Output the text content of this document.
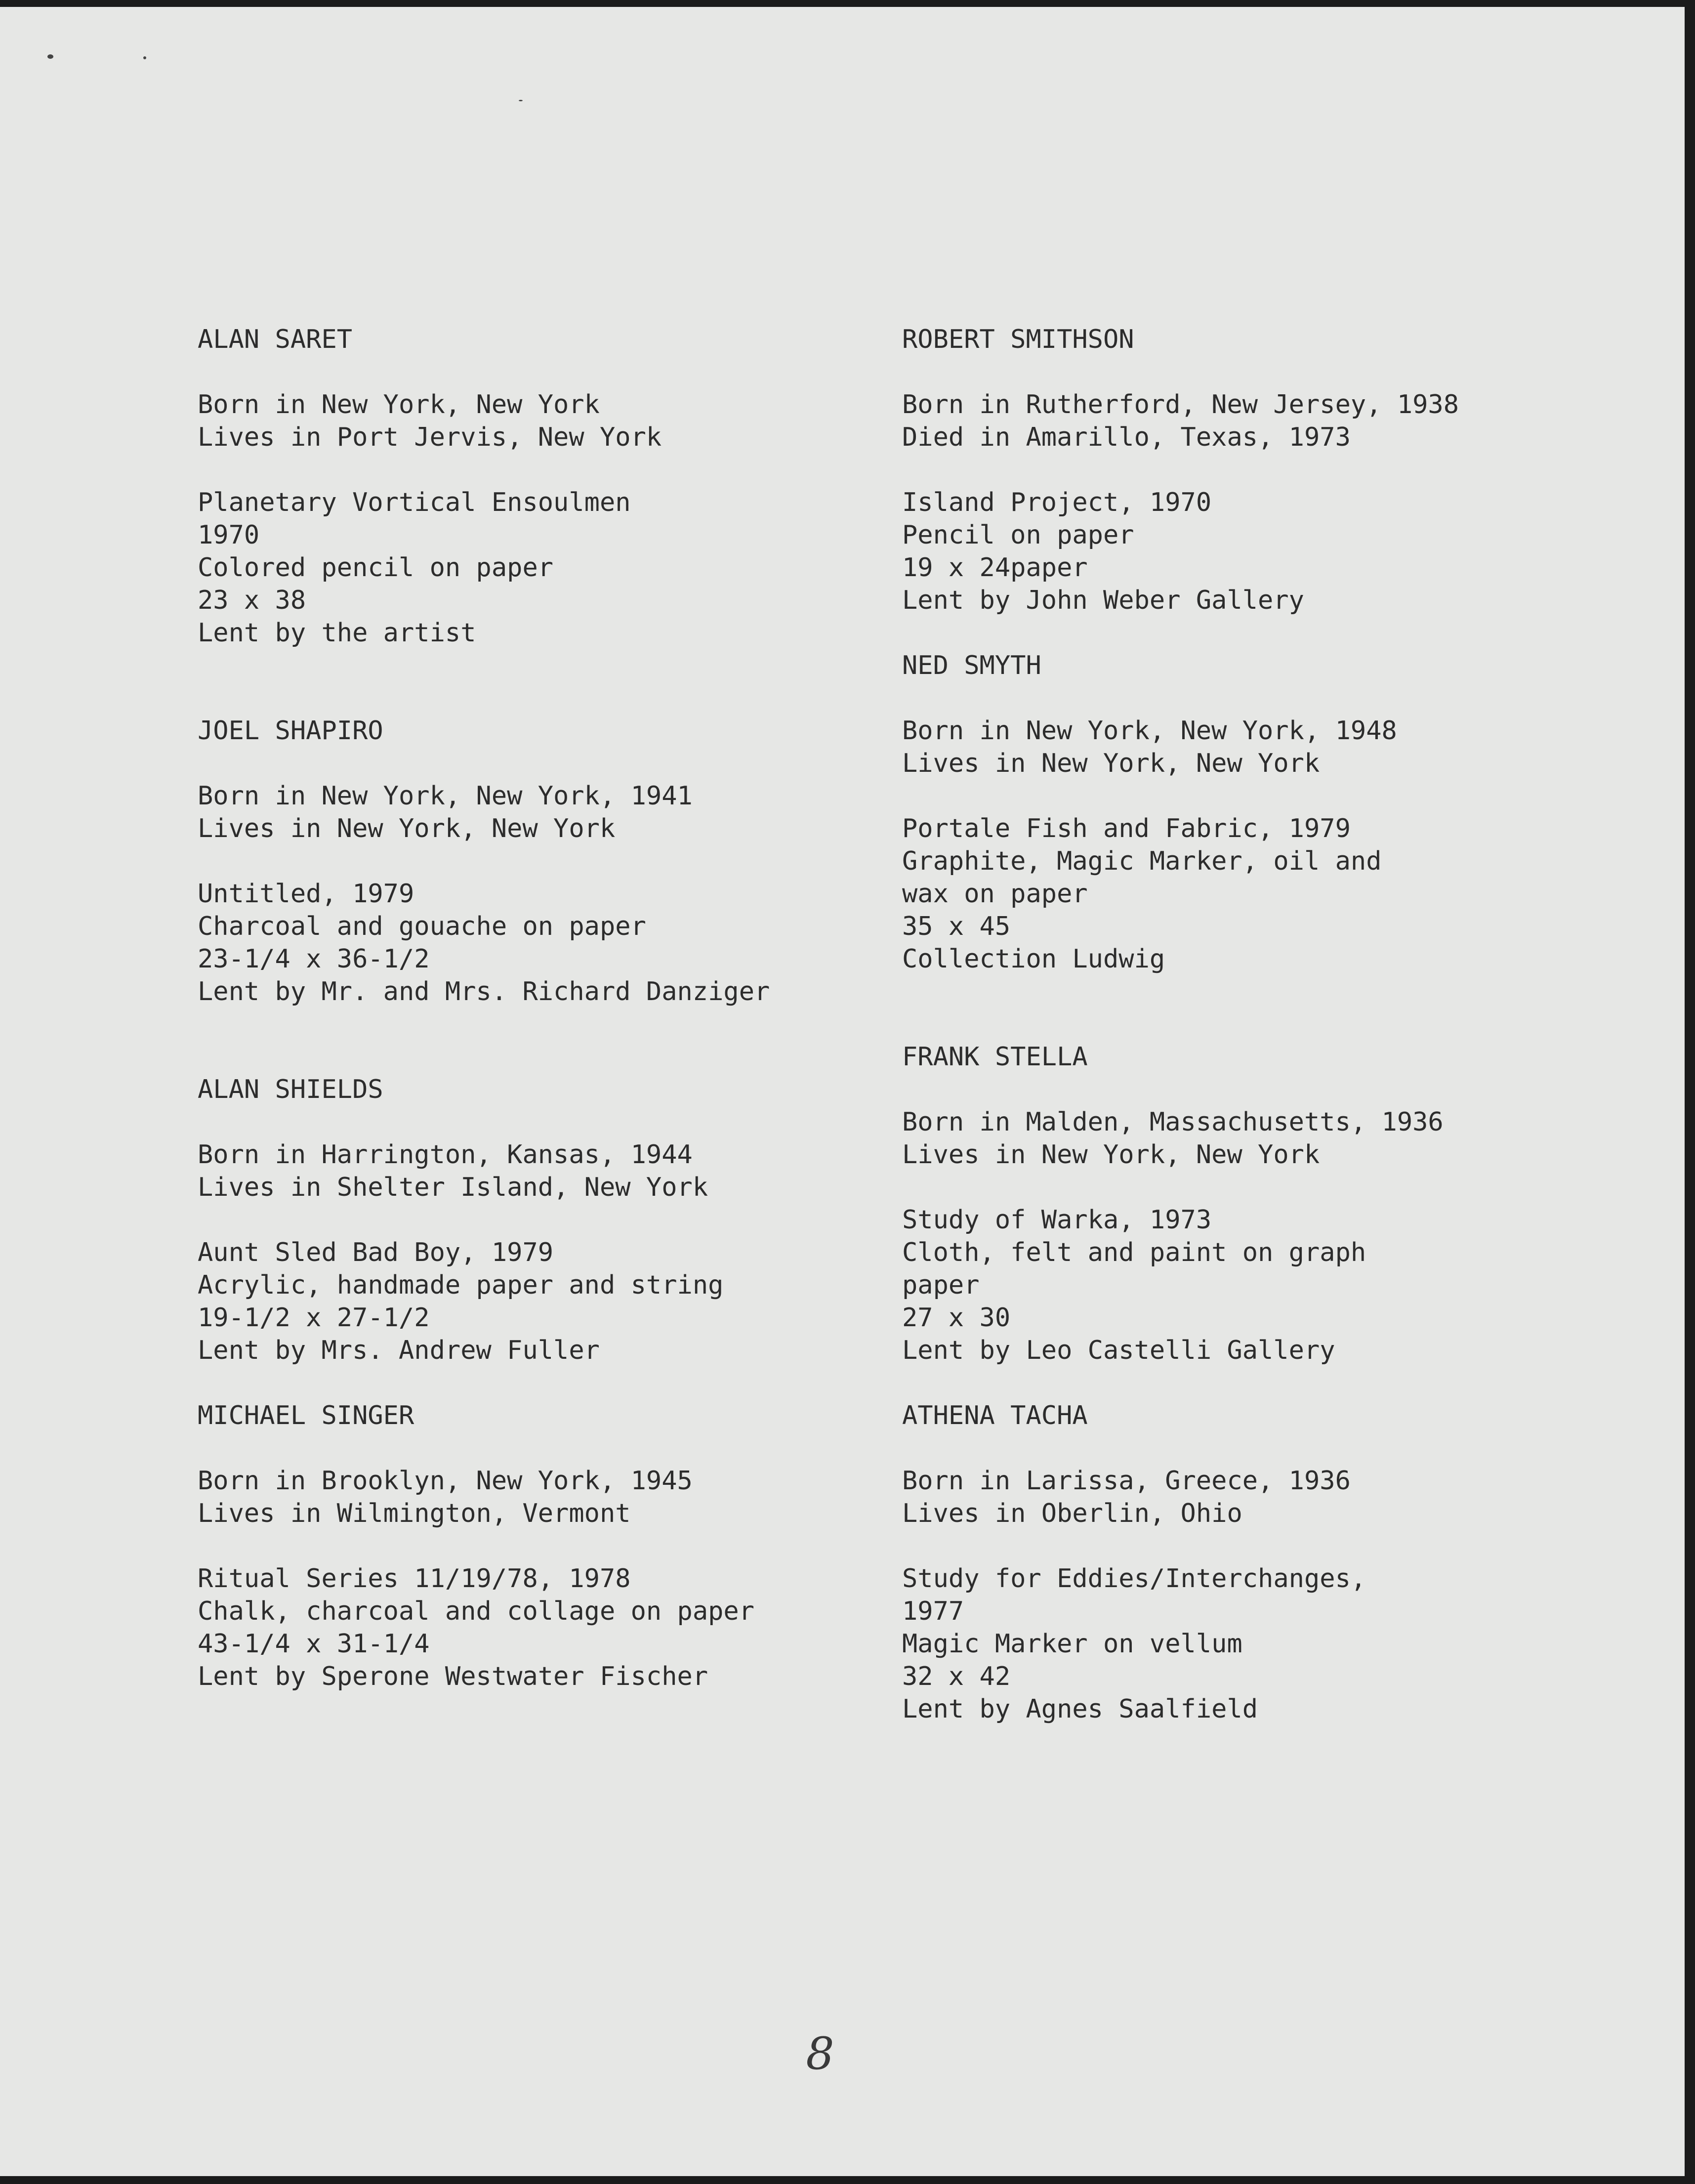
ALAN SARET
Born in New York, New York
Lives in Port Jervis, New York
Planetary Vortical Ensoulmen
1970
Colored pencil on paper
23 x 38
Lent by the artist
JOEL SHAPIRO
Born in New York, New York, 1941
Lives in New York, New York
Untitled, 1979
Charcoal and gouache on paper
23-1/4 x 36-1/2
Lent by Mr. and Mrs. Richard Danziger
ALAN SHIELDS
Born in Harrington, Kansas, 1944
Lives in Shelter Island, New York
Aunt Sled Bad Boy, 1979
Acrylic, handmade paper and string
19-1/2 x 27-1/2
Lent by Mrs. Andrew Fuller
MICHAEL SINGER
Born in Brooklyn, New York, 1945
Lives in Wilmington, Vermont
Ritual Series 11/19/78, 1978
Chalk, charcoal and collage on paper
43-1/4 x 31-1/4
Lent by Sperone Westwater Fischer
ROBERT SMITHSON
Born in Rutherford, New Jersey, 1938
Died in Amarillo, Texas, 1973
Island Project, 1970
Pencil on paper
19 x 24paper
Lent by John Weber Gallery
NED SMYTH
Born in New York, New York, 1948
Lives in New York, New York
Portale Fish and Fabric, 1979
Graphite, Magic Marker, oil and
wax on paper
35 x 45
Collection Ludwig
FRANK STELLA
Born in Malden, Massachusetts, 1936
Lives in New York, New York
Study of Warka, 1973
Cloth, felt and paint on graph
paper
27 x 30
Lent by Leo Castelli Gallery
ATHENA TACHA
Born in Larissa, Greece, 1936
Lives in Oberlin, Ohio
Study for Eddies/Interchanges,
1977
Magic Marker on vellum
32 x 42
Lent by Agnes Saalfield
8
